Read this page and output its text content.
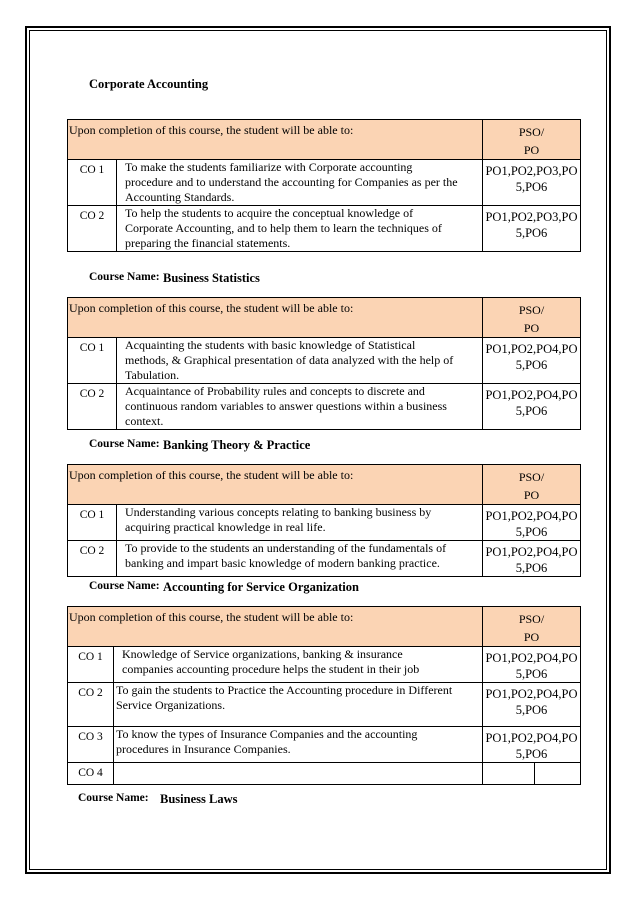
Corporate Accounting
Upon completion of this course, the student will be able to:		PSO/
PO
CO 1	To make the students familiarize with Corporate accounting
procedure and to understand the accounting for Companies as per the
Accounting Standards.	PO1,PO2,PO3,PO
5,PO6
CO 2	To help the students to acquire the conceptual knowledge of
Corporate Accounting, and to help them to learn the techniques of
preparing the financial statements.	PO1,PO2,PO3,PO
5,PO6
Course Name: Business Statistics
Upon completion of this course, the student will be able to:		PSO/
PO
CO 1	Acquainting the students with basic knowledge of Statistical
methods, & Graphical presentation of data analyzed with the help of
Tabulation.	PO1,PO2,PO4,PO
5,PO6
CO 2	Acquaintance of Probability rules and concepts to discrete and
continuous random variables to answer questions within a business
context.	PO1,PO2,PO4,PO
5,PO6
Course Name: Banking Theory & Practice
Upon completion of this course, the student will be able to:		PSO/
PO
CO 1	Understanding various concepts relating to banking business by
acquiring practical knowledge in real life.	PO1,PO2,PO4,PO
5,PO6
CO 2	To provide to the students an understanding of the fundamentals of
banking and impart basic knowledge of modern banking practice.	PO1,PO2,PO4,PO
5,PO6
Course Name: Accounting for Service Organization
Upon completion of this course, the student will be able to:		PSO/
PO	
CO 1	Knowledge of Service organizations, banking & insurance
companies accounting procedure helps the student in their job	PO1,PO2,PO4,PO
5,PO6	
CO 2	To gain the students to Practice the Accounting procedure in Different
Service Organizations.	PO1,PO2,PO4,PO
5,PO6	
CO 3	To know the types of Insurance Companies and the accounting
procedures in Insurance Companies.	PO1,PO2,PO4,PO
5,PO6	
CO 4			
Course Name: Business Laws
